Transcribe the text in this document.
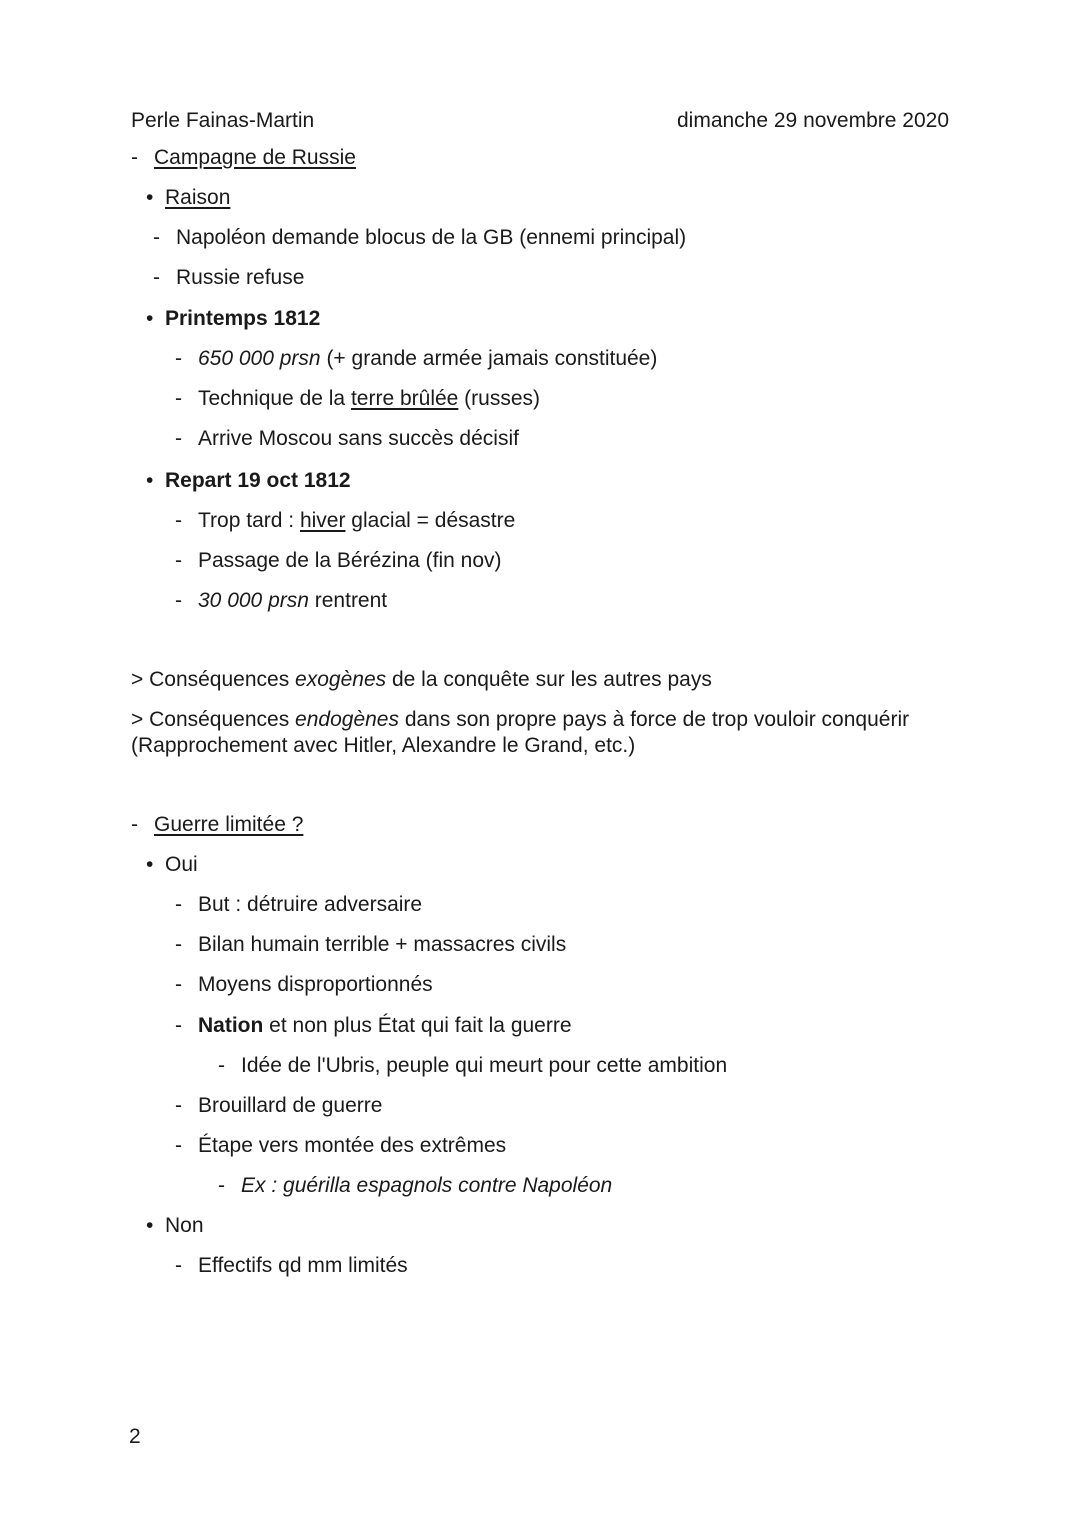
Perle Fainas-Martin	dimanche 29 novembre 2020
- Campagne de Russie
• Raison
- Napoléon demande blocus de la GB (ennemi principal)
- Russie refuse
• Printemps 1812
- 650 000 prsn (+ grande armée jamais constituée)
- Technique de la terre brûlée (russes)
- Arrive Moscou sans succès décisif
• Repart 19 oct 1812
- Trop tard : hiver glacial = désastre
- Passage de la Bérézina (fin nov)
- 30 000 prsn rentrent
> Conséquences exogènes de la conquête sur les autres pays
> Conséquences endogènes dans son propre pays à force de trop vouloir conquérir
(Rapprochement avec Hitler, Alexandre le Grand, etc.)
- Guerre limitée ?
• Oui
- But : détruire adversaire
- Bilan humain terrible + massacres civils
- Moyens disproportionnés
- Nation et non plus État qui fait la guerre
- Idée de l'Ubris, peuple qui meurt pour cette ambition
- Brouillard de guerre
- Étape vers montée des extrêmes
- Ex : guérilla espagnols contre Napoléon
• Non
- Effectifs qd mm limités
2
